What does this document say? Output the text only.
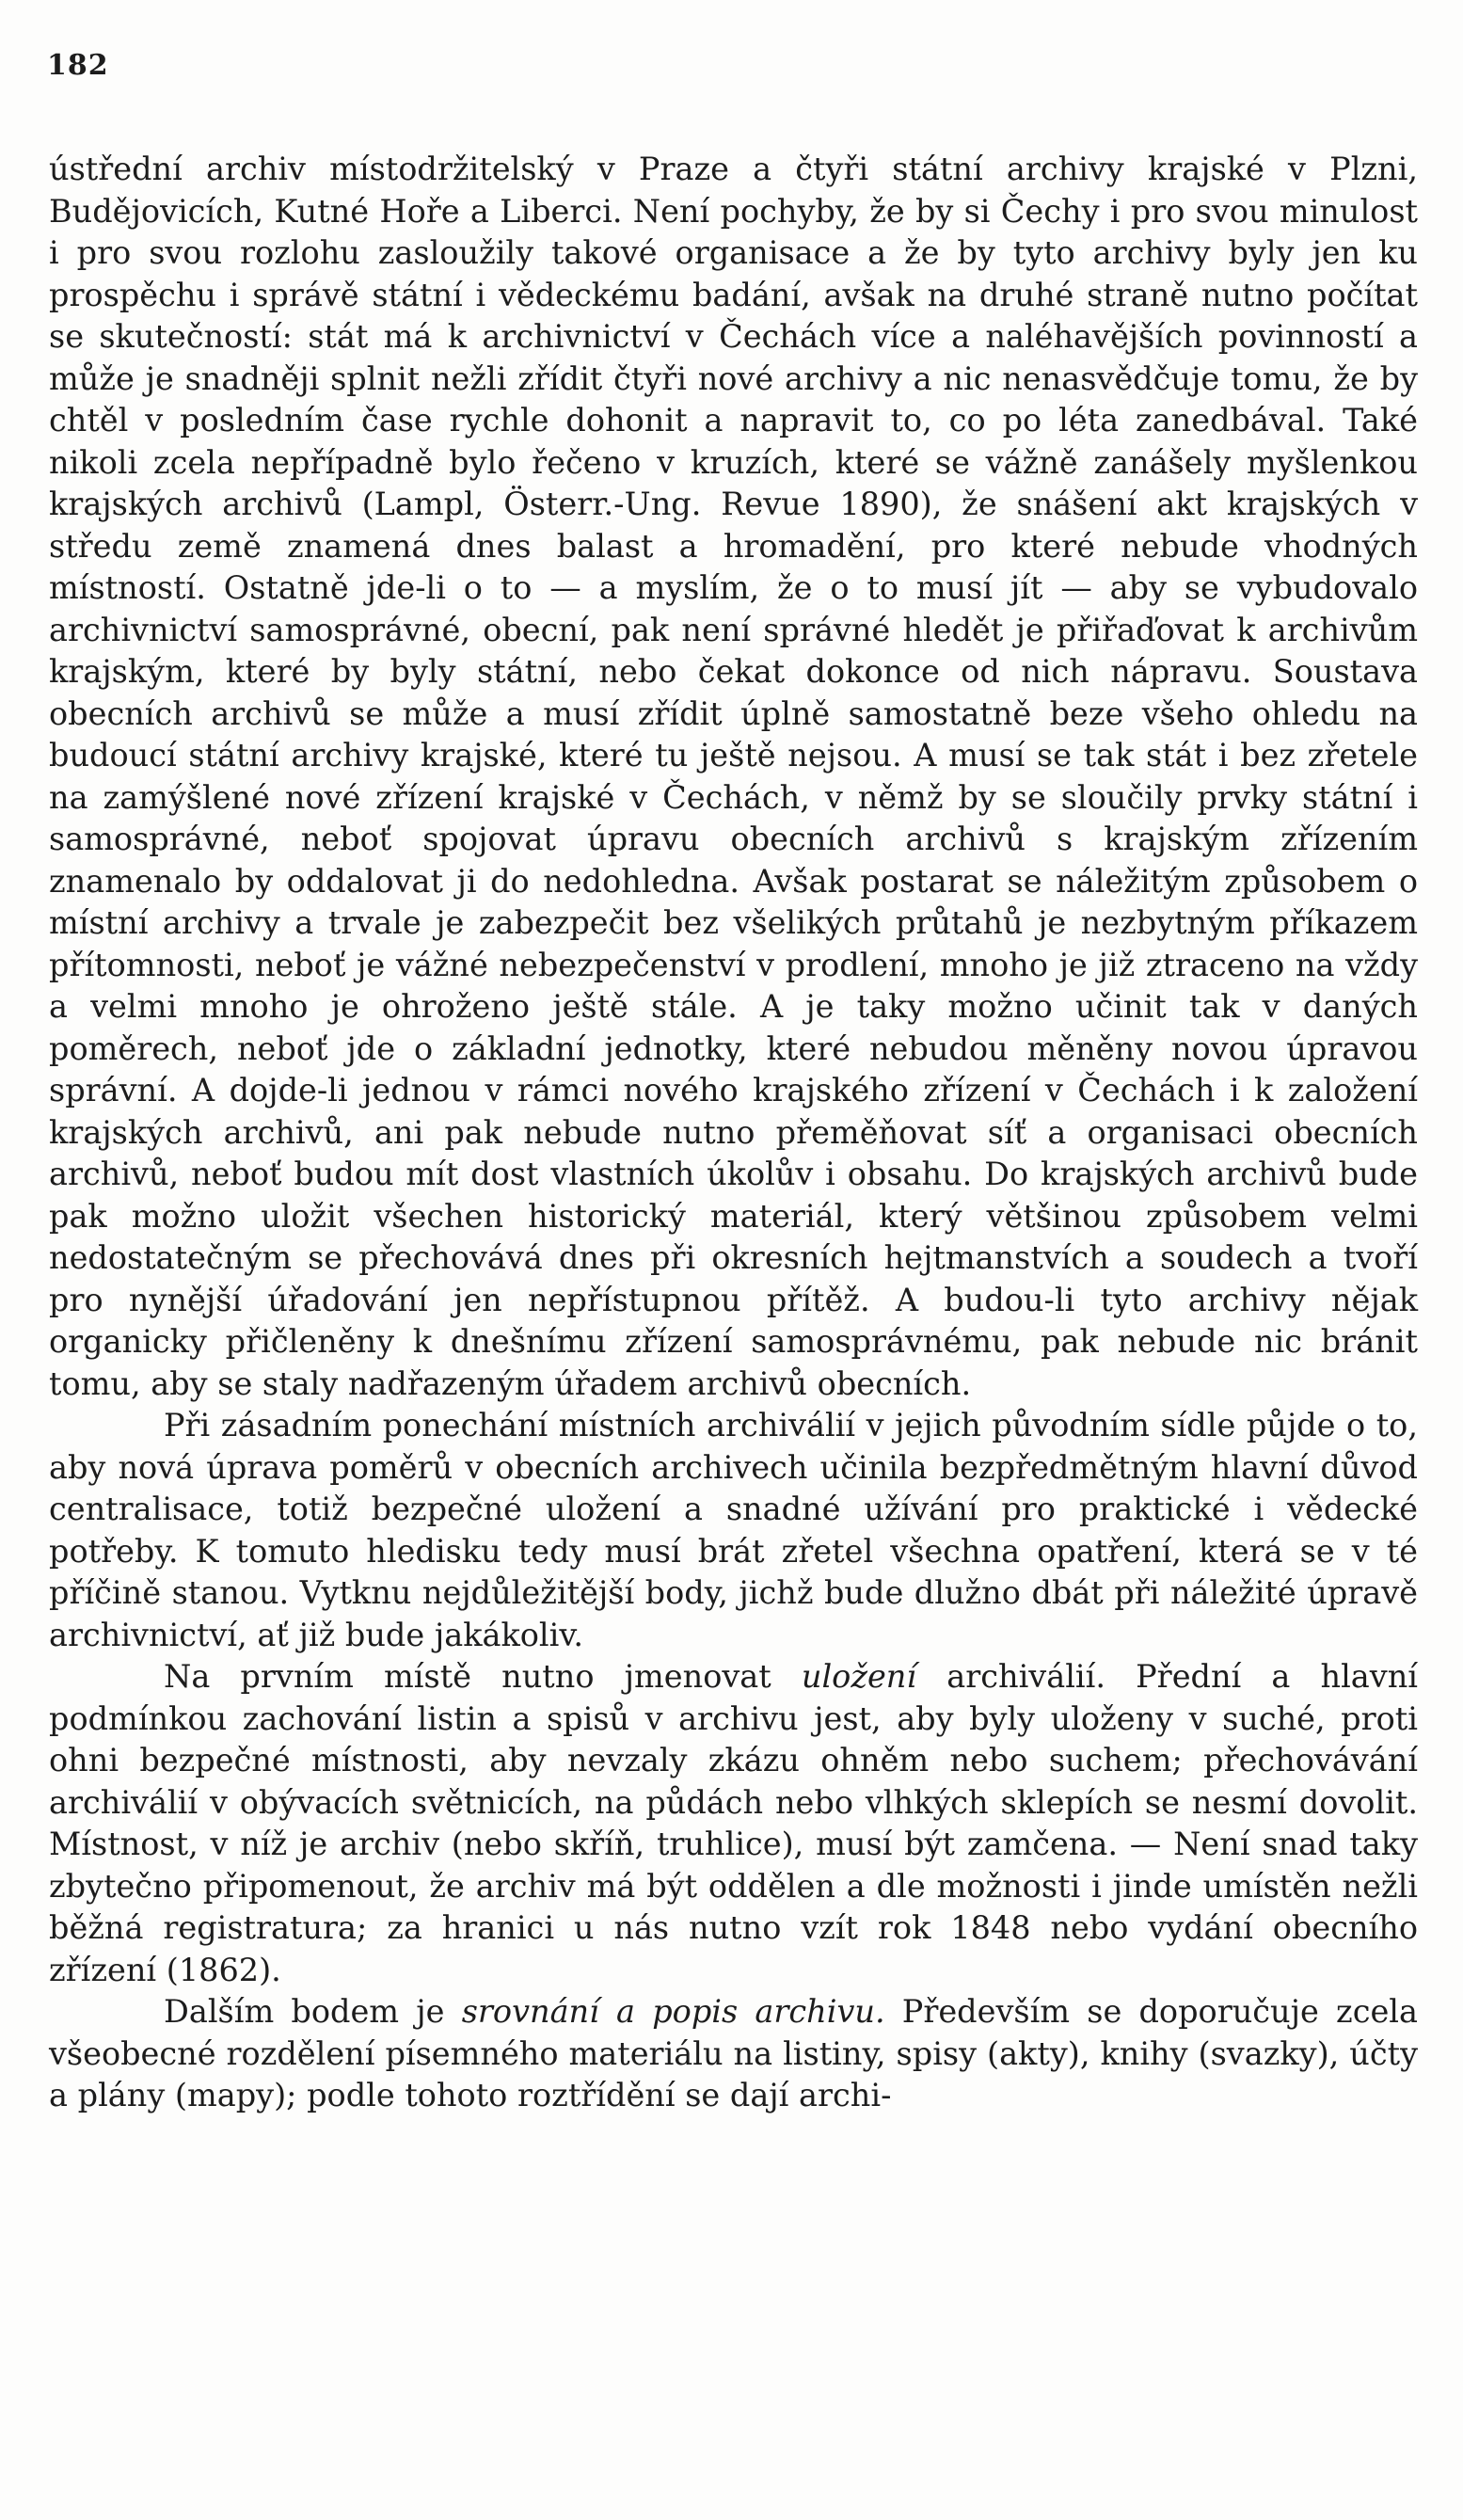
182

ústřední archiv místodržitelský v Praze a čtyři státní archivy krajské v Plzni, Budějovicích, Kutné Hoře a Liberci. Není pochyby, že by si Čechy i pro svou minulost i pro svou rozlohu zasloužily takové organisace a že by tyto archivy byly jen ku prospěchu i správě státní i vědeckému badání, avšak na druhé straně nutno počítat se skutečností: stát má k archivnictví v Čechách více a naléhavějších povinností a může je snadněji splnit nežli zřídit čtyři nové archivy a nic nenasvědčuje tomu, že by chtěl v posledním čase rychle dohonit a napravit to, co po léta zanedbával. Také nikoli zcela nepřípadně bylo řečeno v kruzích, které se vážně zanášely myšlenkou krajských archivů (Lampl, Österr.-Ung. Revue 1890), že snášení akt krajských v středu země znamená dnes balast a hromadění, pro které nebude vhodných místností. Ostatně jde-li o to — a myslím, že o to musí jít — aby se vybudovalo archivnictví samosprávné, obecní, pak není správné hledět je přiřaďovat k archivům krajským, které by byly státní, nebo čekat dokonce od nich nápravu. Soustava obecních archivů se může a musí zřídit úplně samostatně beze všeho ohledu na budoucí státní archivy krajské, které tu ještě nejsou. A musí se tak stát i bez zřetele na zamýšlené nové zřízení krajské v Čechách, v němž by se sloučily prvky státní i samosprávné, neboť spojovat úpravu obecních archivů s krajským zřízením znamenalo by oddalovat ji do nedohledna. Avšak postarat se náležitým způsobem o místní archivy a trvale je zabezpečit bez všelikých průtahů je nezbytným příkazem přítomnosti, neboť je vážné nebezpečenství v prodlení, mnoho je již ztraceno na vždy a velmi mnoho je ohroženo ještě stále. A je taky možno učinit tak v daných poměrech, neboť jde o základní jednotky, které nebudou měněny novou úpravou správní. A dojde-li jednou v rámci nového krajského zřízení v Čechách i k založení krajských archivů, ani pak nebude nutno přeměňovat síť a organisaci obecních archivů, neboť budou mít dost vlastních úkolův i obsahu. Do krajských archivů bude pak možno uložit všechen historický materiál, který většinou způsobem velmi nedostatečným se přechovává dnes při okresních hejtmanstvích a soudech a tvoří pro nynější úřadování jen nepřístupnou přítěž. A budou-li tyto archivy nějak organicky přičleněny k dnešnímu zřízení samosprávnému, pak nebude nic bránit tomu, aby se staly nadřazeným úřadem archivů obecních.

Při zásadním ponechání místních archiválií v jejich původním sídle půjde o to, aby nová úprava poměrů v obecních archivech učinila bezpředmětným hlavní důvod centralisace, totiž bezpečné uložení a snadné užívání pro praktické i vědecké potřeby. K tomuto hledisku tedy musí brát zřetel všechna opatření, která se v té příčině stanou. Vytknu nejdůležitější body, jichž bude dlužno dbát při náležité úpravě archivnictví, ať již bude jakákoliv.

Na prvním místě nutno jmenovat uložení archiválií. Přední a hlavní podmínkou zachování listin a spisů v archivu jest, aby byly uloženy v suché, proti ohni bezpečné místnosti, aby nevzaly zkázu ohněm nebo suchem; přechovávání archiválií v obývacích světnicích, na půdách nebo vlhkých sklepích se nesmí dovolit. Místnost, v níž je archiv (nebo skříň, truhlice), musí být zamčena. — Není snad taky zbytečno připomenout, že archiv má být oddělen a dle možnosti i jinde umístěn nežli běžná registratura; za hranici u nás nutno vzít rok 1848 nebo vydání obecního zřízení (1862).

Dalším bodem je srovnání a popis archivu. Především se doporučuje zcela všeobecné rozdělení písemného materiálu na listiny, spisy (akty), knihy (svazky), účty a plány (mapy); podle tohoto roztřídění se dají archi-
